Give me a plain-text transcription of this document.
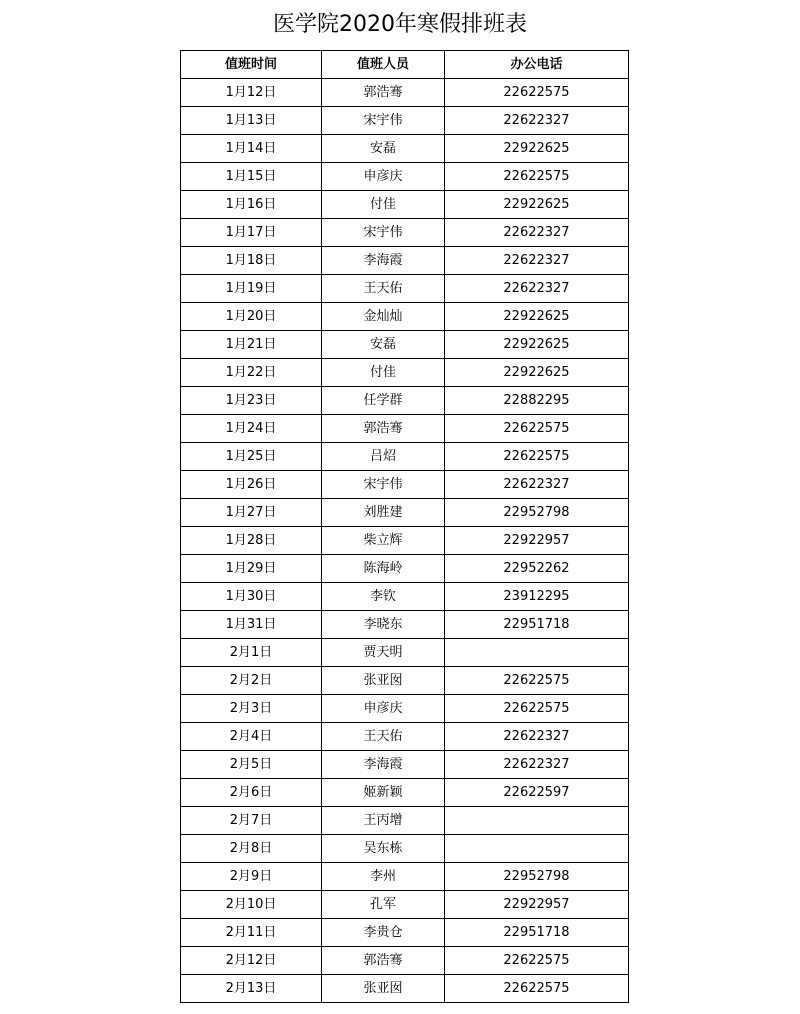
医学院2020年寒假排班表
值班时间	值班人员	办公电话
1月12日	郭浩骞	22622575
1月13日	宋宇伟	22622327
1月14日	安磊	22922625
1月15日	申彦庆	22622575
1月16日	付佳	22922625
1月17日	宋宇伟	22622327
1月18日	李海霞	22622327
1月19日	王天佑	22622327
1月20日	金灿灿	22922625
1月21日	安磊	22922625
1月22日	付佳	22922625
1月23日	任学群	22882295
1月24日	郭浩骞	22622575
1月25日	吕炤	22622575
1月26日	宋宇伟	22622327
1月27日	刘胜建	22952798
1月28日	柴立辉	22922957
1月29日	陈海岭	22952262
1月30日	李钦	23912295
1月31日	李晓东	22951718
2月1日	贾天明	
2月2日	张亚囡	22622575
2月3日	申彦庆	22622575
2月4日	王天佑	22622327
2月5日	李海霞	22622327
2月6日	姬新颖	22622597
2月7日	王丙增	
2月8日	吴东栋	
2月9日	李州	22952798
2月10日	孔军	22922957
2月11日	李贵仓	22951718
2月12日	郭浩骞	22622575
2月13日	张亚囡	22622575
